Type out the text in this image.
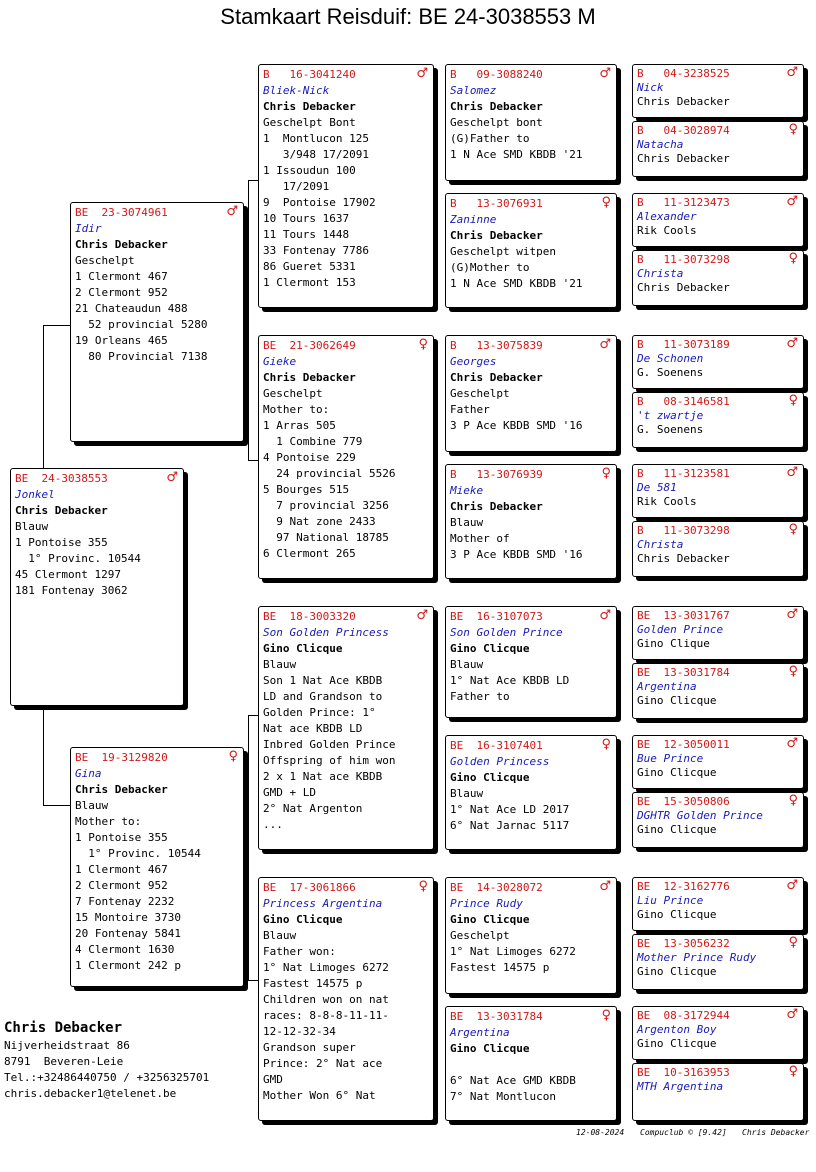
Stamkaart Reisduif: BE 24-3038553 M
BE  24-3038553	♂
Jonkel
Chris Debacker
Blauw
1 Pontoise 355
1° Provinc. 10544
45 Clermont 1297
181 Fontenay 3062
BE  23-3074961	♂
Idir
Chris Debacker
Geschelpt
1 Clermont 467
2 Clermont 952
21 Chateaudun 488
52 provincial 5280
19 Orleans 465
80 Provincial 7138
BE  19-3129820	♀
Gina
Chris Debacker
Blauw
Mother to:
1 Pontoise 355
1° Provinc. 10544
1 Clermont 467
2 Clermont 952
7 Fontenay 2232
15 Montoire 3730
20 Fontenay 5841
4 Clermont 1630
1 Clermont 242 p
B   16-3041240	♂
Bliek-Nick
Chris Debacker
Geschelpt Bont
1  Montlucon 125
3/948 17/2091
1 Issoudun 100
17/2091
9  Pontoise 17902
10 Tours 1637
11 Tours 1448
33 Fontenay 7786
86 Gueret 5331
1 Clermont 153
BE  21-3062649	♀
Gieke
Chris Debacker
Geschelpt
Mother to:
1 Arras 505
1 Combine 779
4 Pontoise 229
24 provincial 5526
5 Bourges 515
7 provincial 3256
9 Nat zone 2433
97 National 18785
6 Clermont 265
BE  18-3003320	♂
Son Golden Princess
Gino Clicque
Blauw
Son 1 Nat Ace KBDB
LD and Grandson to
Golden Prince: 1°
Nat ace KBDB LD
Inbred Golden Prince
Offspring of him won
2 x 1 Nat ace KBDB
GMD + LD
2° Nat Argenton
...
BE  17-3061866	♀
Princess Argentina
Gino Clicque
Blauw
Father won:
1° Nat Limoges 6272
Fastest 14575 p
Children won on nat
races: 8-8-8-11-11-
12-12-32-34
Grandson super
Prince: 2° Nat ace
GMD
Mother Won 6° Nat
B   09-3088240	♂
Salomez
Chris Debacker
Geschelpt bont
(G)Father to
1 N Ace SMD KBDB '21
B   13-3076931	♀
Zaninne
Chris Debacker
Geschelpt witpen
(G)Mother to
1 N Ace SMD KBDB '21
B   13-3075839	♂
Georges
Chris Debacker
Geschelpt
Father
3 P Ace KBDB SMD '16
B   13-3076939	♀
Mieke
Chris Debacker
Blauw
Mother of
3 P Ace KBDB SMD '16
BE  16-3107073	♂
Son Golden Prince
Gino Clicque
Blauw
1° Nat Ace KBDB LD
Father to
BE  16-3107401	♀
Golden Princess
Gino Clicque
Blauw
1° Nat Ace LD 2017
6° Nat Jarnac 5117
BE  14-3028072	♂
Prince Rudy
Gino Clicque
Geschelpt
1° Nat Limoges 6272
Fastest 14575 p
BE  13-3031784	♀
Argentina
Gino Clicque
6° Nat Ace GMD KBDB
7° Nat Montlucon
B   04-3238525	♂
Nick
Chris Debacker
B   04-3028974	♀
Natacha
Chris Debacker
B   11-3123473	♂
Alexander
Rik Cools
B   11-3073298	♀
Christa
Chris Debacker
B   11-3073189	♂
De Schonen
G. Soenens
B   08-3146581	♀
't zwartje
G. Soenens
B   11-3123581	♂
De 581
Rik Cools
B   11-3073298	♀
Christa
Chris Debacker
BE  13-3031767	♂
Golden Prince
Gino Clique
BE  13-3031784	♀
Argentina
Gino Clicque
BE  12-3050011	♂
Bue Prince
Gino Clicque
BE  15-3050806	♀
DGHTR Golden Prince
Gino Clicque
BE  12-3162776	♂
Liu Prince
Gino Clicque
BE  13-3056232	♀
Mother Prince Rudy
Gino Clicque
BE  08-3172944	♂
Argenton Boy
Gino Clicque
BE  10-3163953	♀
MTH Argentina
Chris Debacker
Nijverheidstraat 86
8791  Beveren-Leie
Tel.:+32486440750 / +3256325701
chris.debacker1@telenet.be
12-08-2024 Compuclub © [9.42] Chris Debacker
